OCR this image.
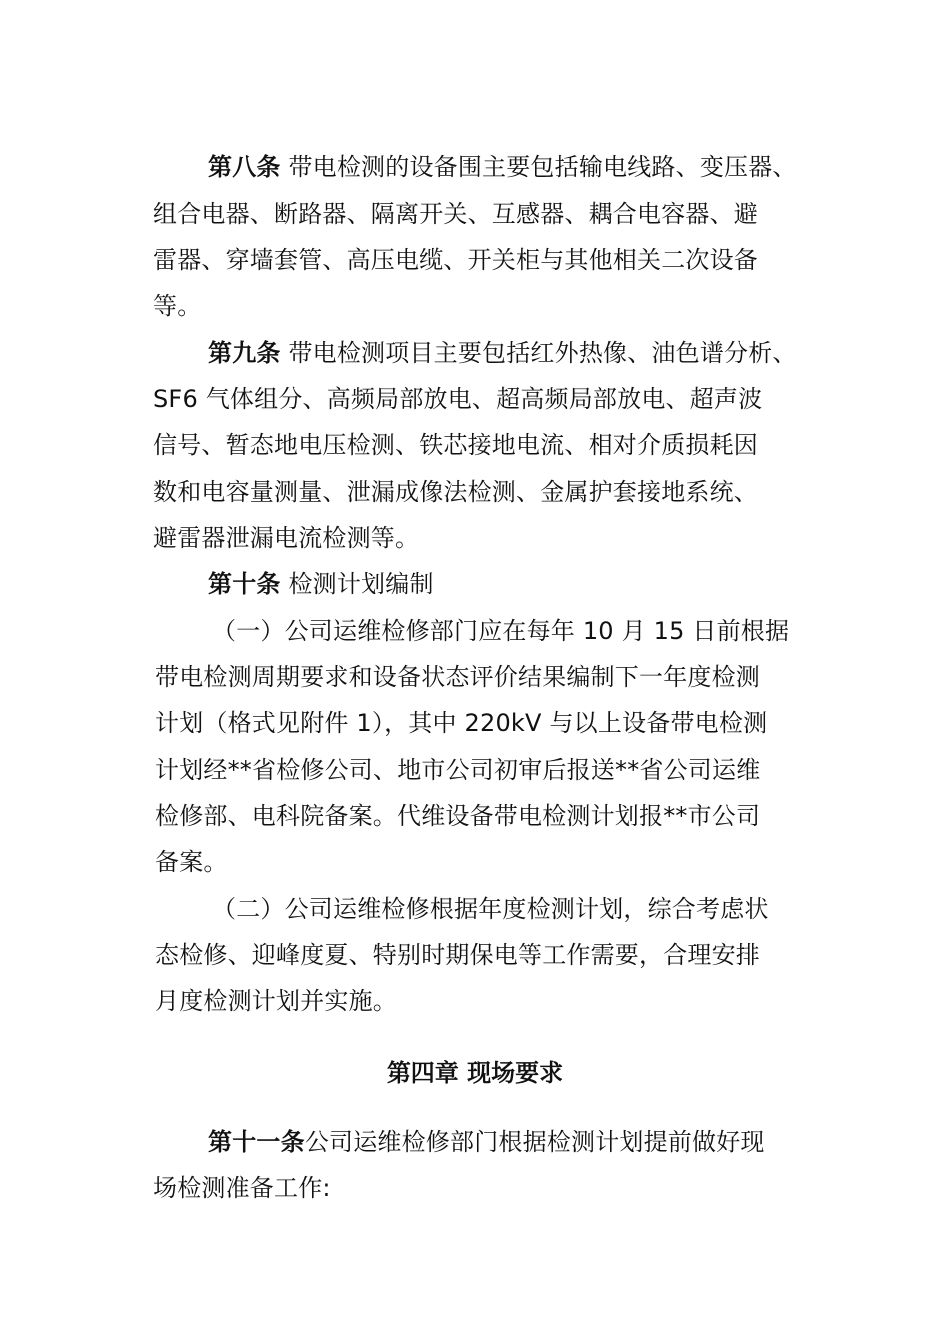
第八条 带电检测的设备围主要包括输电线路、变压器、
组合电器、断路器、隔离开关、互感器、耦合电容器、避
雷器、穿墙套管、高压电缆、开关柜与其他相关二次设备
等。
第九条 带电检测项目主要包括红外热像、油色谱分析、
SF6 气体组分、高频局部放电、超高频局部放电、超声波
信号、暂态地电压检测、铁芯接地电流、相对介质损耗因
数和电容量测量、泄漏成像法检测、金属护套接地系统、
避雷器泄漏电流检测等。
第十条 检测计划编制
（一）公司运维检修部门应在每年 10 月 15 日前根据
带电检测周期要求和设备状态评价结果编制下一年度检测
计划（格式见附件 1），其中 220kV 与以上设备带电检测
计划经**省检修公司、地市公司初审后报送**省公司运维
检修部、电科院备案。代维设备带电检测计划报**市公司
备案。
（二）公司运维检修根据年度检测计划，综合考虑状
态检修、迎峰度夏、特别时期保电等工作需要，合理安排
月度检测计划并实施。
第四章 现场要求
第十一条公司运维检修部门根据检测计划提前做好现
场检测准备工作:
